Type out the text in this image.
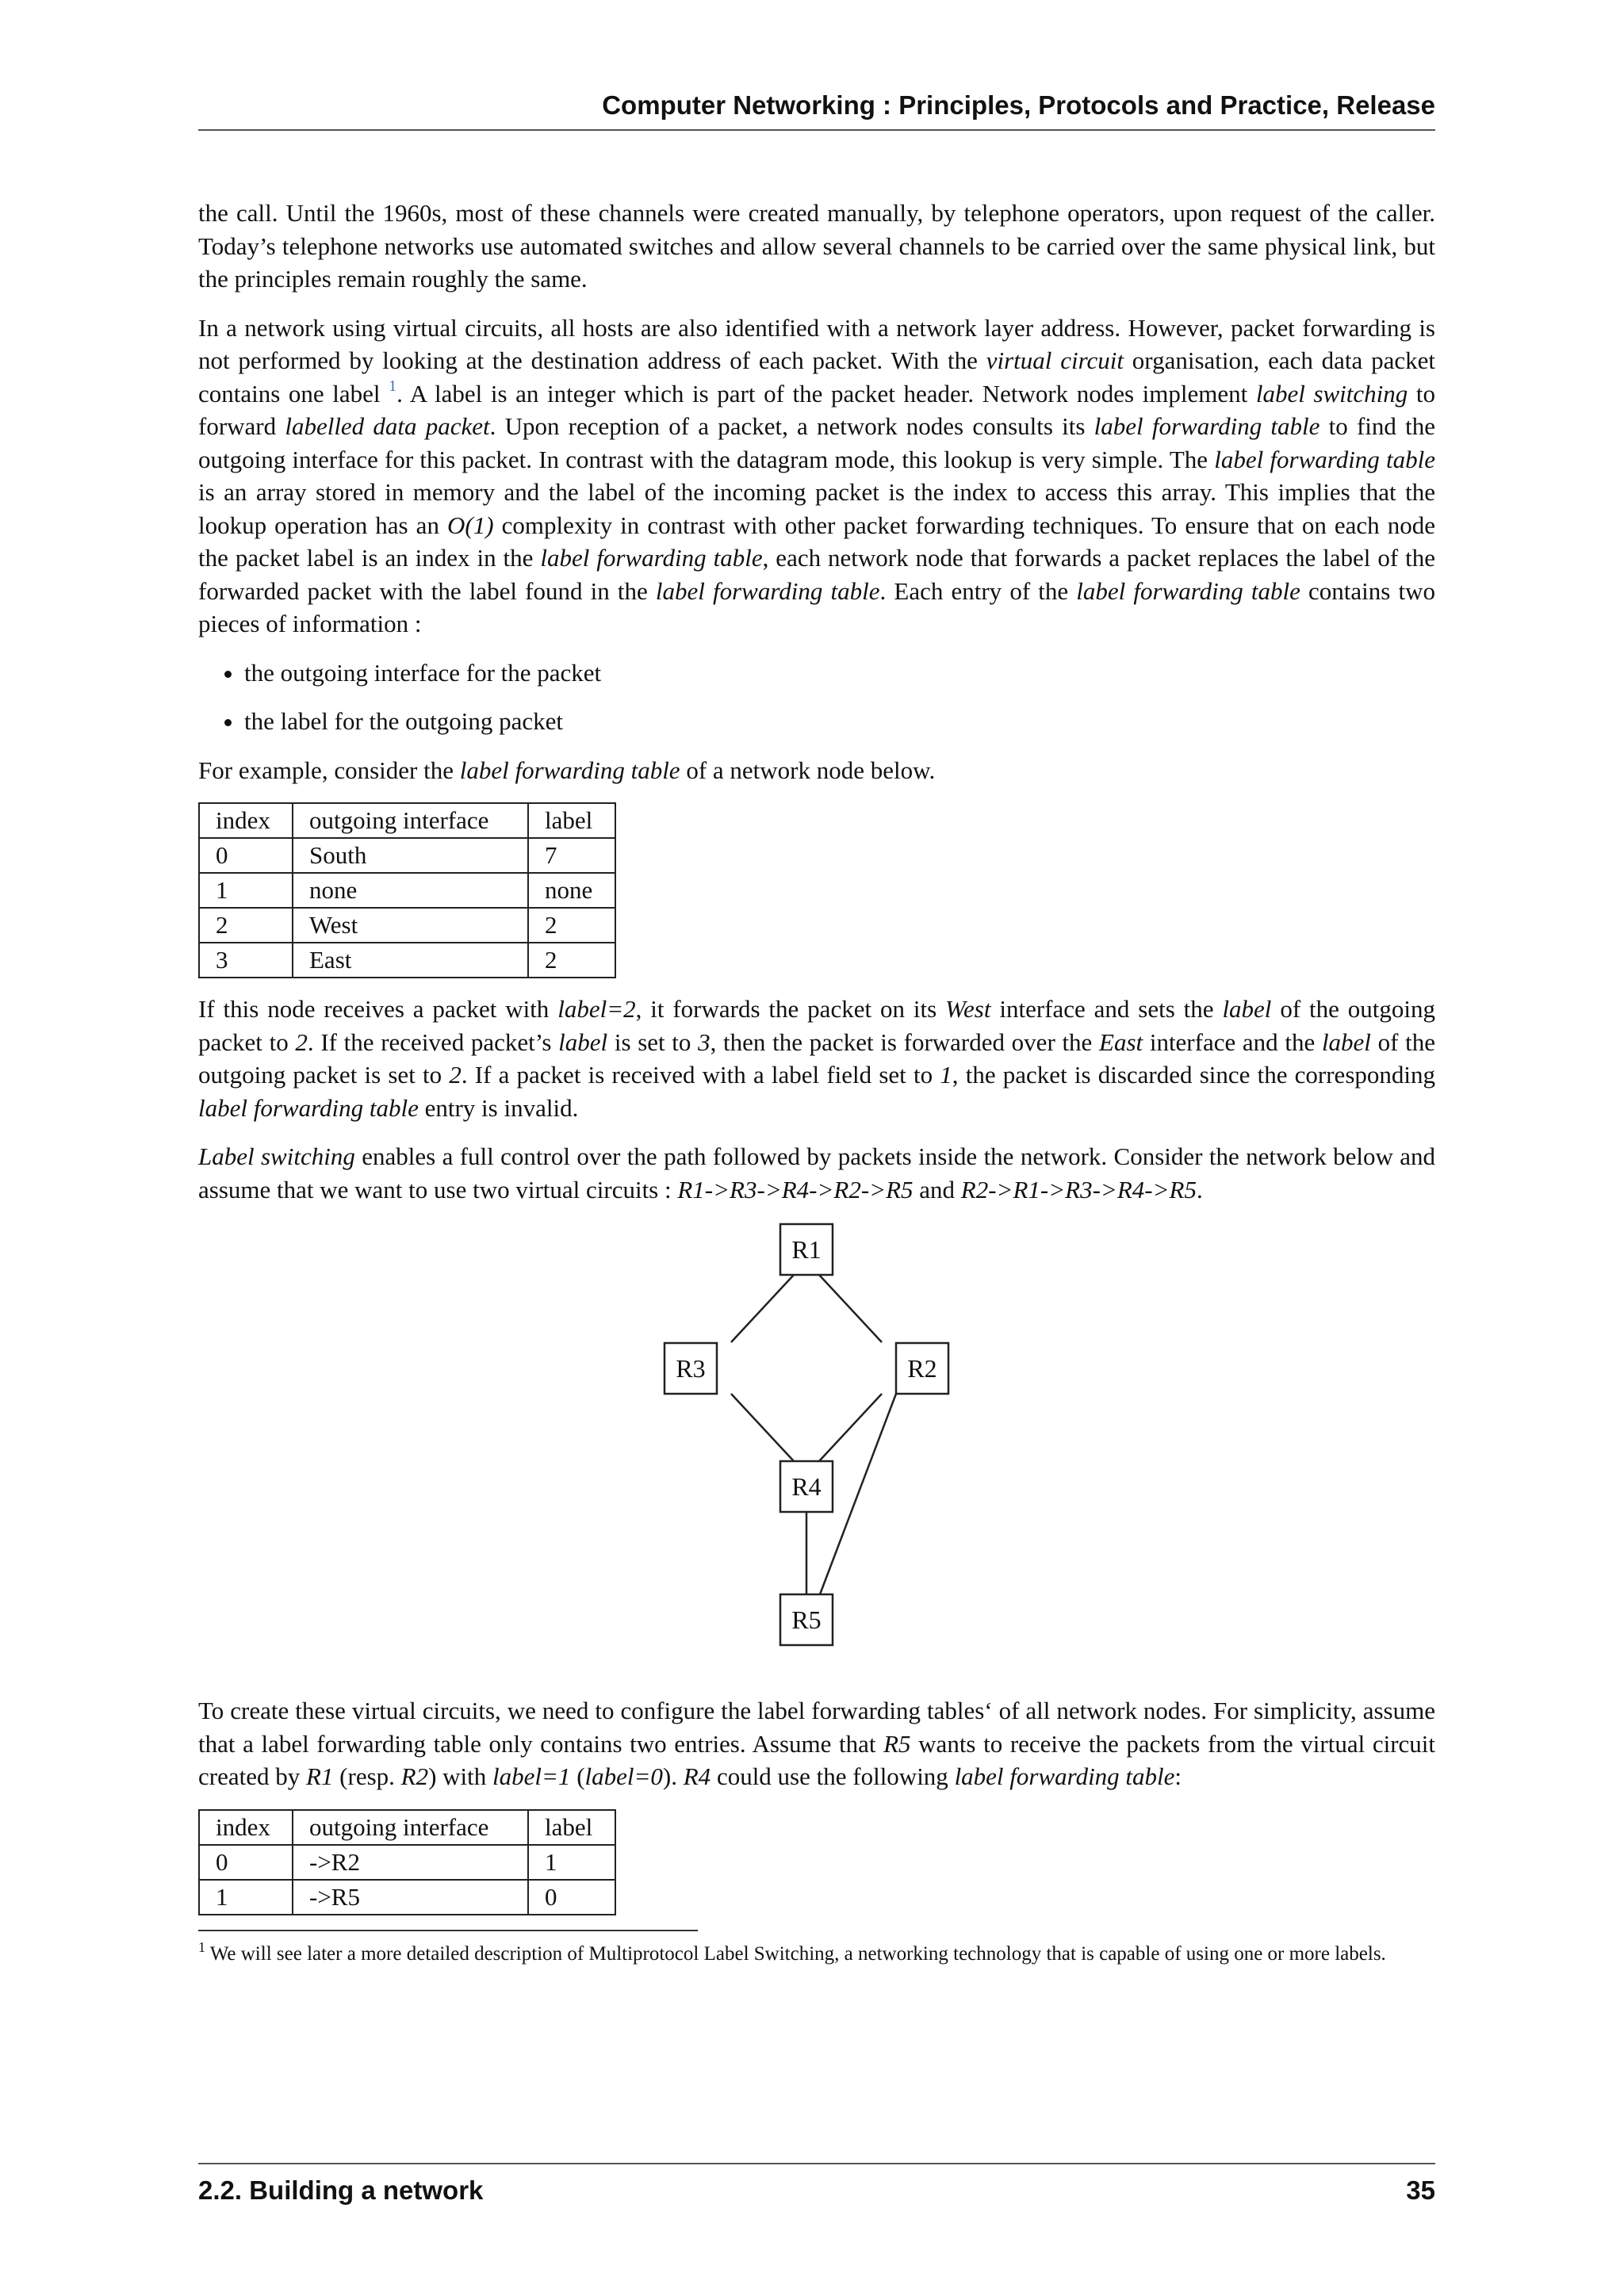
Computer Networking : Principles, Protocols and Practice, Release

the call. Until the 1960s, most of these channels were created manually, by telephone operators, upon request of the caller. Today’s telephone networks use automated switches and allow several channels to be carried over the same physical link, but the principles remain roughly the same.

In a network using virtual circuits, all hosts are also identified with a network layer address. However, packet forwarding is not performed by looking at the destination address of each packet. With the virtual circuit organisation, each data packet contains one label $^1$. A label is an integer which is part of the packet header. Network nodes implement label switching to forward labelled data packet. Upon reception of a packet, a network nodes consults its label forwarding table to find the outgoing interface for this packet. In contrast with the datagram mode, this lookup is very simple. The label forwarding table is an array stored in memory and the label of the incoming packet is the index to access this array. This implies that the lookup operation has an O(1) complexity in contrast with other packet forwarding techniques. To ensure that on each node the packet label is an index in the label forwarding table, each network node that forwards a packet replaces the label of the forwarded packet with the label found in the label forwarding table. Each entry of the label forwarding table contains two pieces of information :

• the outgoing interface for the packet
• the label for the outgoing packet

For example, consider the label forwarding table of a network node below.

index	outgoing interface	label
0	South	7
1	none	none
2	West	2
3	East	2

If this node receives a packet with label=2, it forwards the packet on its West interface and sets the label of the outgoing packet to 2. If the received packet’s label is set to 3, then the packet is forwarded over the East interface and the label of the outgoing packet is set to 2. If a packet is received with a label field set to 1, the packet is discarded since the corresponding label forwarding table entry is invalid.

Label switching enables a full control over the path followed by packets inside the network. Consider the network below and assume that we want to use two virtual circuits : R1->R3->R4->R2->R5 and R2->R1->R3->R4->R5.

R1
R3	R2
R4
R5

To create these virtual circuits, we need to configure the label forwarding tables‘ of all network nodes. For simplicity, assume that a label forwarding table only contains two entries. Assume that R5 wants to receive the packets from the virtual circuit created by R1 (resp. R2) with label=1 (label=0). R4 could use the following label forwarding table:

index	outgoing interface	label
0	->R2	1
1	->R5	0
$^1$ We will see later a more detailed description of Multiprotocol Label Switching, a networking technology that is capable of using one or more labels.
2.2. Building a network	35
